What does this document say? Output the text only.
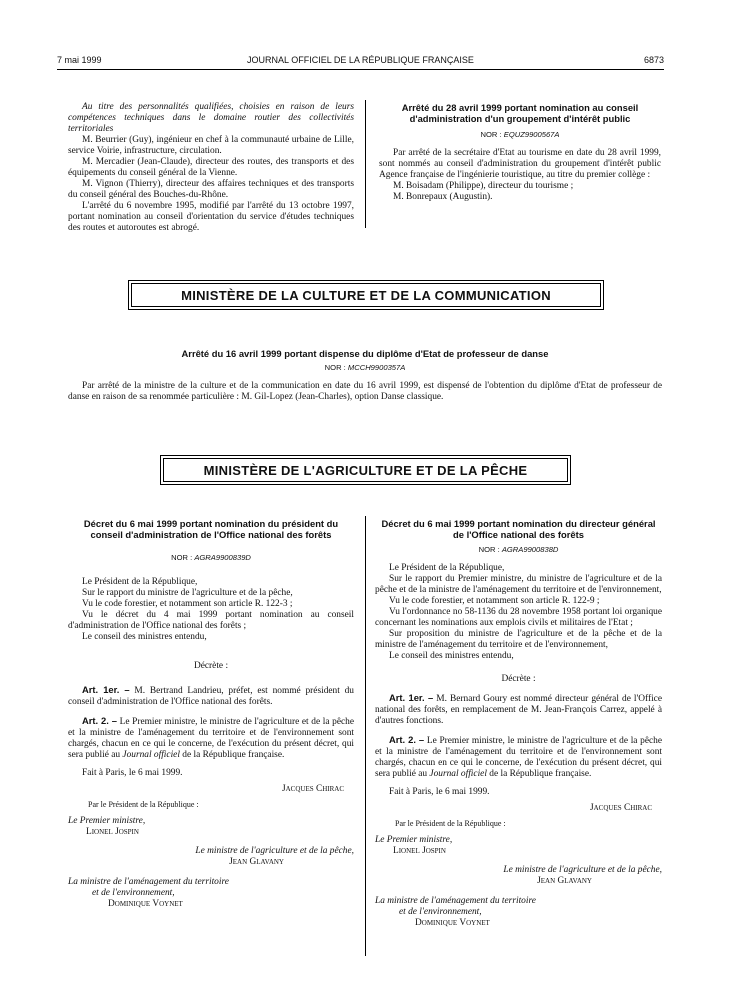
7 mai 1999	JOURNAL OFFICIEL DE LA RÉPUBLIQUE FRANÇAISE	6873

Au titre des personnalités qualifiées, choisies en raison de leurs compétences techniques dans le domaine routier des collectivités territoriales

M. Beurrier (Guy), ingénieur en chef à la communauté urbaine de Lille, service Voirie, infrastructure, circulation.

M. Mercadier (Jean-Claude), directeur des routes, des transports et des équipements du conseil général de la Vienne.

M. Vignon (Thierry), directeur des affaires techniques et des transports du conseil général des Bouches-du-Rhône.

L'arrêté du 6 novembre 1995, modifié par l'arrêté du 13 octobre 1997, portant nomination au conseil d'orientation du service d'études techniques des routes et autoroutes est abrogé.

Arrêté du 28 avril 1999 portant nomination au conseil d'administration d'un groupement d'intérêt public
NOR : EQUZ9900567A

Par arrêté de la secrétaire d'Etat au tourisme en date du 28 avril 1999, sont nommés au conseil d'administration du groupement d'intérêt public Agence française de l'ingénierie touristique, au titre du premier collège :

M. Boisadam (Philippe), directeur du tourisme ;

M. Bonrepaux (Augustin).

MINISTÈRE DE LA CULTURE ET DE LA COMMUNICATION
Arrêté du 16 avril 1999 portant dispense du diplôme d'Etat de professeur de danse
NOR : MCCH9900357A

Par arrêté de la ministre de la culture et de la communication en date du 16 avril 1999, est dispensé de l'obtention du diplôme d'Etat de professeur de danse en raison de sa renommée particulière : M. Gil-Lopez (Jean-Charles), option Danse classique.

MINISTÈRE DE L'AGRICULTURE ET DE LA PÊCHE
Décret du 6 mai 1999 portant nomination du président du conseil d'administration de l'Office national des forêts
NOR : AGRA9900839D

Le Président de la République,

Sur le rapport du ministre de l'agriculture et de la pêche,

Vu le code forestier, et notamment son article R. 122-3 ;

Vu le décret du 4 mai 1999 portant nomination au conseil d'administration de l'Office national des forêts ;

Le conseil des ministres entendu,

Décrète :

Art. 1er. – M. Bertrand Landrieu, préfet, est nommé président du conseil d'administration de l'Office national des forêts.

Art. 2. – Le Premier ministre, le ministre de l'agriculture et de la pêche et la ministre de l'aménagement du territoire et de l'environnement sont chargés, chacun en ce qui le concerne, de l'exécution du présent décret, qui sera publié au Journal officiel de la République française.

Fait à Paris, le 6 mai 1999.

Jacques Chirac
Par le Président de la République :
Le Premier ministre,
Lionel Jospin
Le ministre de l'agriculture et de la pêche,
Jean Glavany
La ministre de l'aménagement du territoire
et de l'environnement,
Dominique Voynet
Décret du 6 mai 1999 portant nomination du directeur général de l'Office national des forêts
NOR : AGRA9900838D

Le Président de la République,

Sur le rapport du Premier ministre, du ministre de l'agriculture et de la pêche et de la ministre de l'aménagement du territoire et de l'environnement,

Vu le code forestier, et notamment son article R. 122-9 ;

Vu l'ordonnance no 58-1136 du 28 novembre 1958 portant loi organique concernant les nominations aux emplois civils et militaires de l'Etat ;

Sur proposition du ministre de l'agriculture et de la pêche et de la ministre de l'aménagement du territoire et de l'environnement,

Le conseil des ministres entendu,

Décrète :

Art. 1er. – M. Bernard Goury est nommé directeur général de l'Office national des forêts, en remplacement de M. Jean-François Carrez, appelé à d'autres fonctions.

Art. 2. – Le Premier ministre, le ministre de l'agriculture et de la pêche et la ministre de l'aménagement du territoire et de l'environnement sont chargés, chacun en ce qui le concerne, de l'exécution du présent décret, qui sera publié au Journal officiel de la République française.

Fait à Paris, le 6 mai 1999.

Jacques Chirac
Par le Président de la République :
Le Premier ministre,
Lionel Jospin
Le ministre de l'agriculture et de la pêche,
Jean Glavany
La ministre de l'aménagement du territoire
et de l'environnement,
Dominique Voynet
